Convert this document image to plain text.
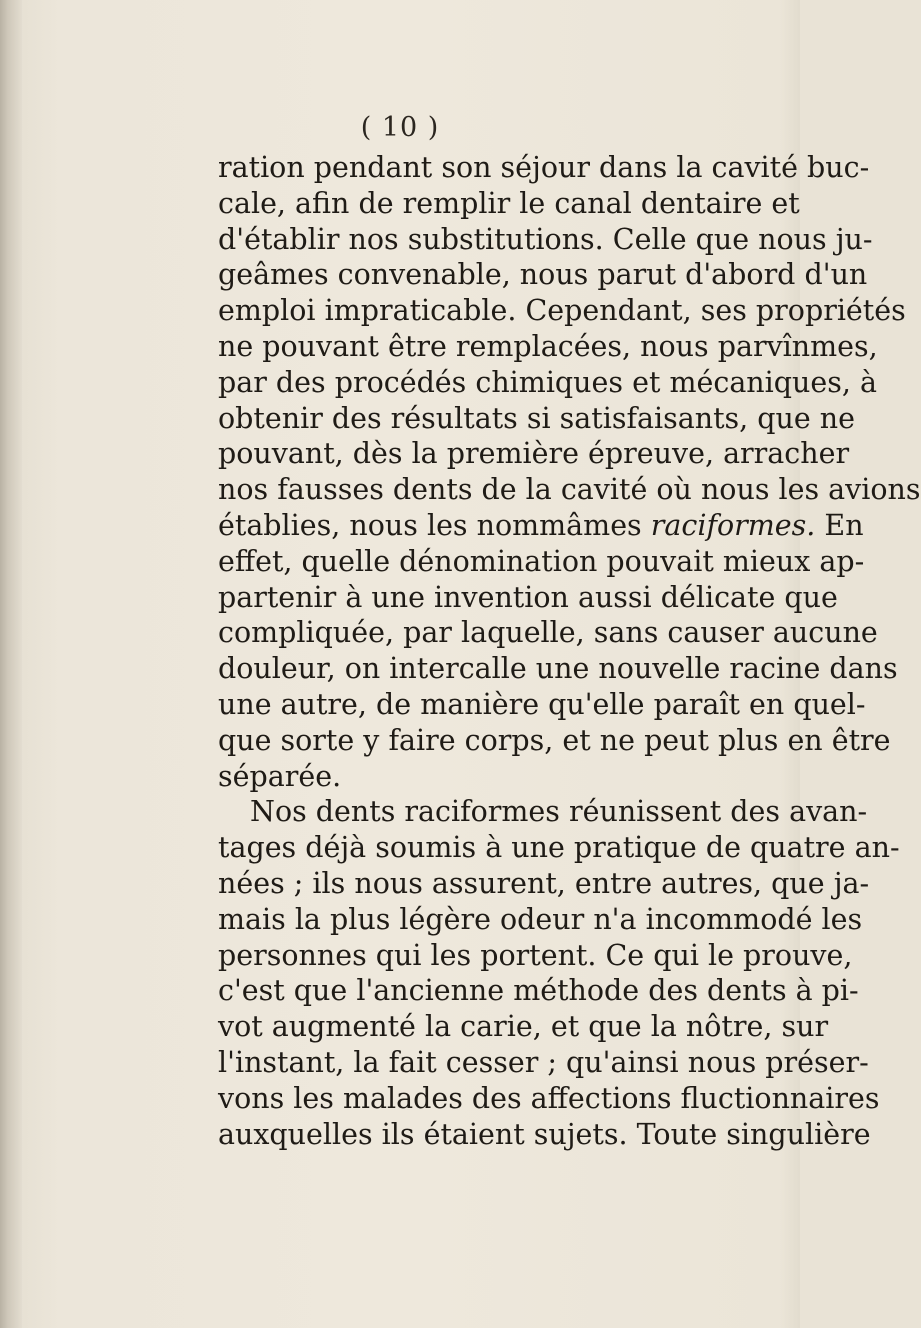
( 10 )
ration pendant son séjour dans la cavité buc-
cale, afin de remplir le canal dentaire et
d'établir nos substitutions. Celle que nous ju-
geâmes convenable, nous parut d'abord d'un
emploi impraticable. Cependant, ses propriétés
ne pouvant être remplacées, nous parvînmes,
par des procédés chimiques et mécaniques, à
obtenir des résultats si satisfaisants, que ne
pouvant, dès la première épreuve, arracher
nos fausses dents de la cavité où nous les avions
établies, nous les nommâmes raciformes. En
effet, quelle dénomination pouvait mieux ap-
partenir à une invention aussi délicate que
compliquée, par laquelle, sans causer aucune
douleur, on intercalle une nouvelle racine dans
une autre, de manière qu'elle paraît en quel-
que sorte y faire corps, et ne peut plus en être
séparée.
Nos dents raciformes réunissent des avan-
tages déjà soumis à une pratique de quatre an-
nées ; ils nous assurent, entre autres, que ja-
mais la plus légère odeur n'a incommodé les
personnes qui les portent. Ce qui le prouve,
c'est que l'ancienne méthode des dents à pi-
vot augmenté la carie, et que la nôtre, sur
l'instant, la fait cesser ; qu'ainsi nous préser-
vons les malades des affections fluctionnaires
auxquelles ils étaient sujets. Toute singulière
